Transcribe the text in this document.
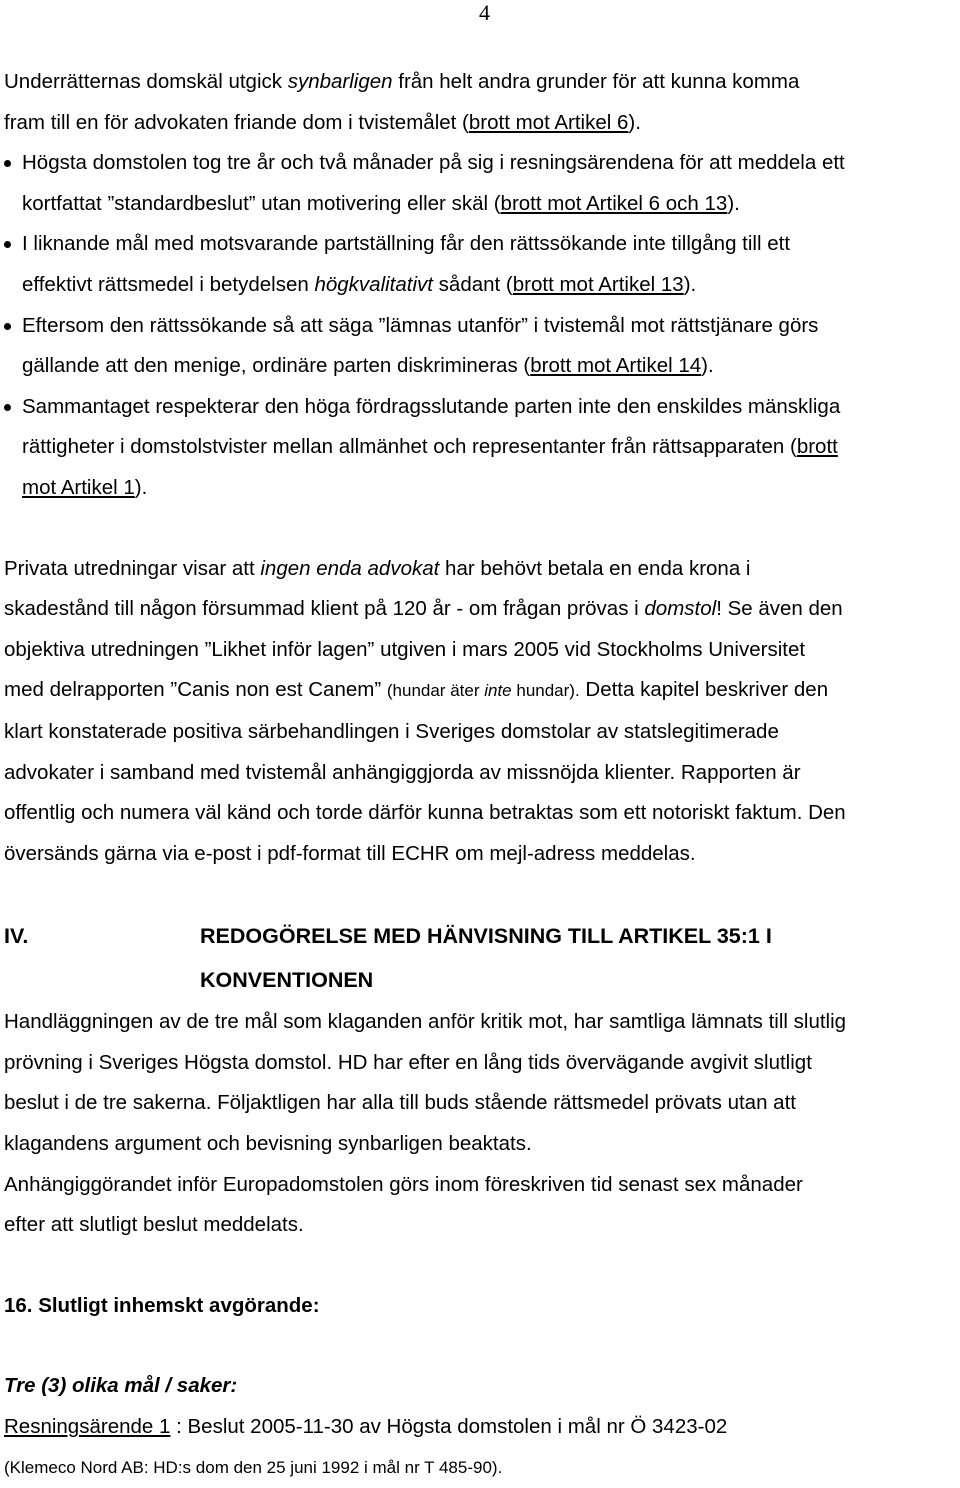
4
Underrätternas domskäl utgick synbarligen från helt andra grunder för att kunna komma
fram till en för advokaten friande dom i tvistemålet (brott mot Artikel 6).
Högsta domstolen tog tre år och två månader på sig i resningsärendena för att meddela ett
kortfattat ”standardbeslut” utan motivering eller skäl (brott mot Artikel 6 och 13).
I liknande mål med motsvarande partställning får den rättssökande inte tillgång till ett
effektivt rättsmedel i betydelsen högkvalitativt sådant (brott mot Artikel 13).
Eftersom den rättssökande så att säga ”lämnas utanför” i tvistemål mot rättstjänare görs
gällande att den menige, ordinäre parten diskrimineras (brott mot Artikel 14).
Sammantaget respekterar den höga fördragsslutande parten inte den enskildes mänskliga
rättigheter i domstolstvister mellan allmänhet och representanter från rättsapparaten (brott
mot Artikel 1).
Privata utredningar visar att ingen enda advokat har behövt betala en enda krona i
skadestånd till någon försummad klient på 120 år - om frågan prövas i domstol! Se även den
objektiva utredningen ”Likhet inför lagen” utgiven i mars 2005 vid Stockholms Universitet
med delrapporten ”Canis non est Canem” (hundar äter inte hundar). Detta kapitel beskriver den
klart konstaterade positiva särbehandlingen i Sveriges domstolar av statslegitimerade
advokater i samband med tvistemål anhängiggjorda av missnöjda klienter. Rapporten är
offentlig och numera väl känd och torde därför kunna betraktas som ett notoriskt faktum. Den
översänds gärna via e-post i pdf-format till ECHR om mejl-adress meddelas.
IV.	REDOGÖRELSE MED HÄNVISNING TILL ARTIKEL 35:1 I
KONVENTIONEN
Handläggningen av de tre mål som klaganden anför kritik mot, har samtliga lämnats till slutlig
prövning i Sveriges Högsta domstol. HD har efter en lång tids övervägande avgivit slutligt
beslut i de tre sakerna. Följaktligen har alla till buds stående rättsmedel prövats utan att
klagandens argument och bevisning synbarligen beaktats.
Anhängiggörandet inför Europadomstolen görs inom föreskriven tid senast sex månader
efter att slutligt beslut meddelats.
16. Slutligt inhemskt avgörande:
Tre (3) olika mål / saker:
Resningsärende 1 : Beslut 2005-11-30 av Högsta domstolen i mål nr Ö 3423-02
(Klemeco Nord AB: HD:s dom den 25 juni 1992 i mål nr T 485-90).
